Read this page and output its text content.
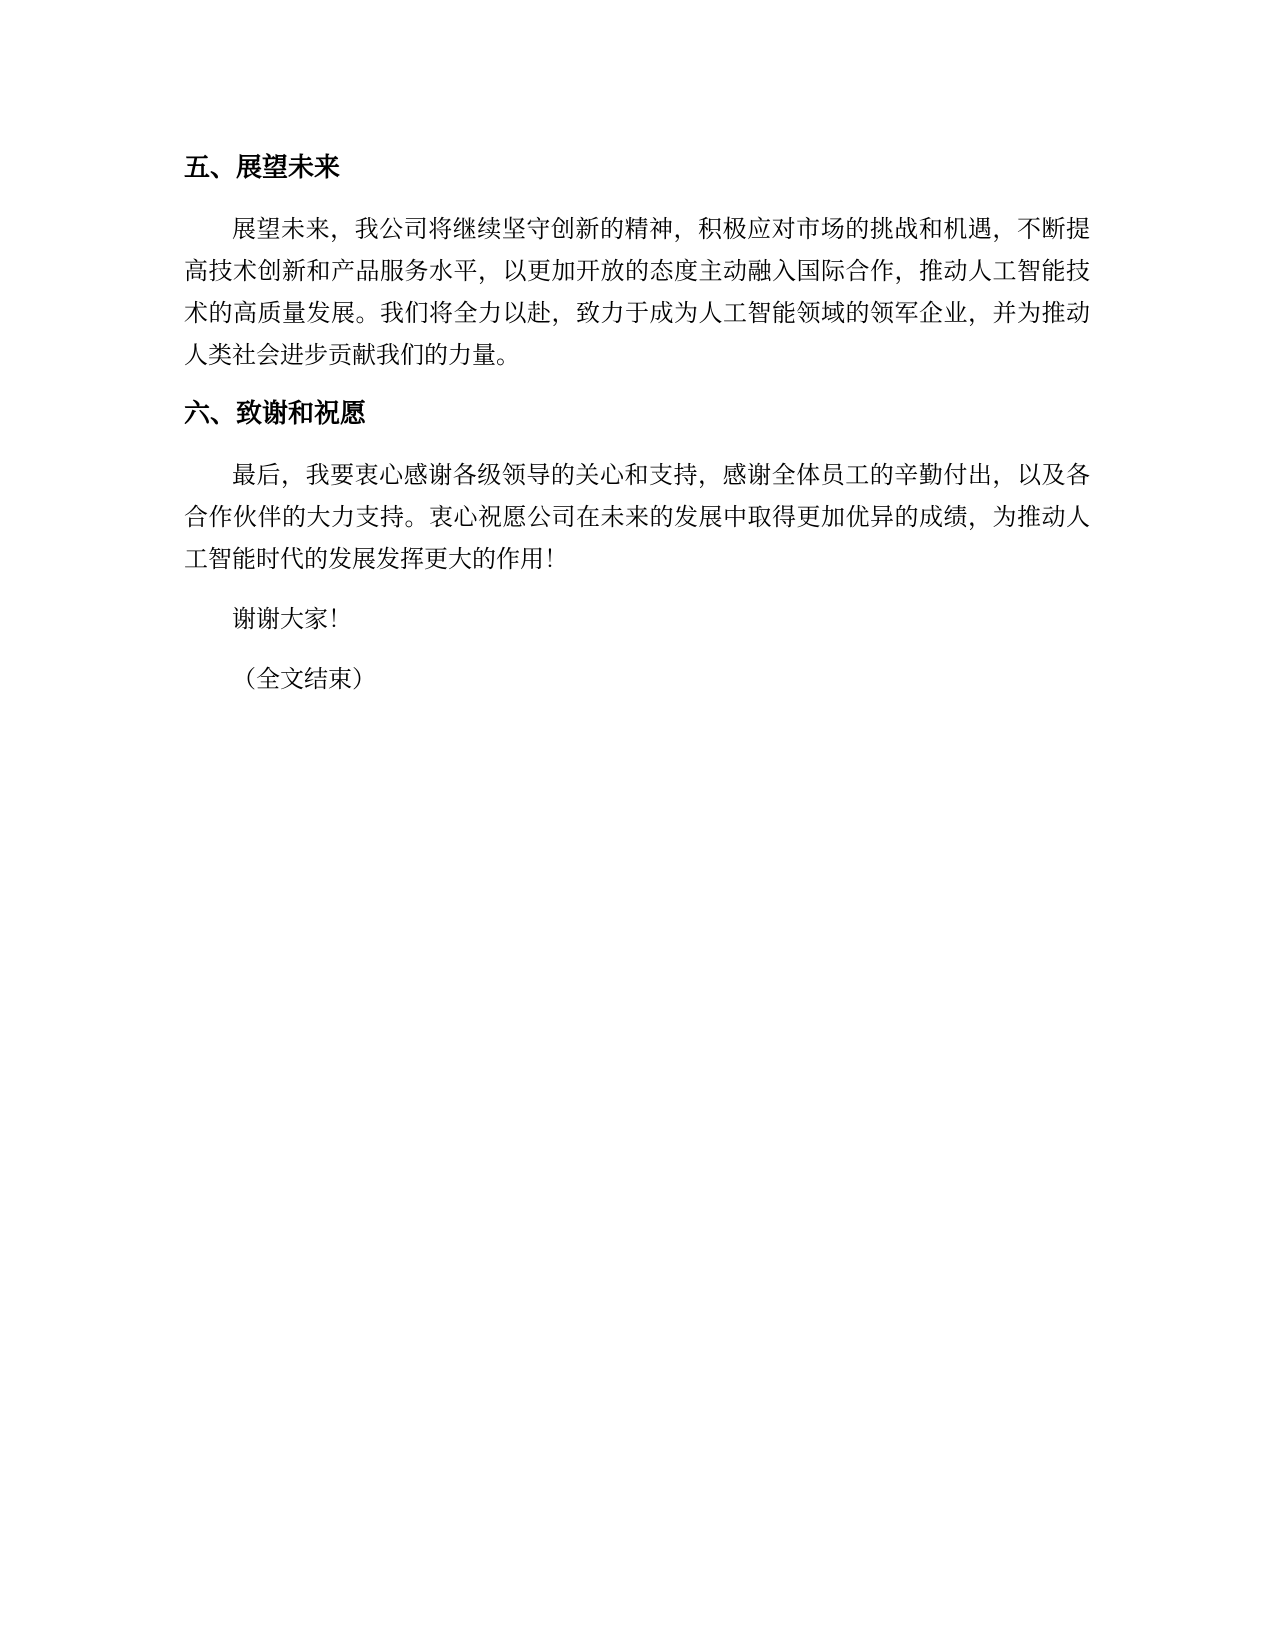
五、展望未来

展望未来，我公司将继续坚守创新的精神，积极应对市场的挑战和机遇，不断提高技术创新和产品服务水平，以更加开放的态度主动融入国际合作，推动人工智能技术的高质量发展。我们将全力以赴，致力于成为人工智能领域的领军企业，并为推动人类社会进步贡献我们的力量。

六、致谢和祝愿

最后，我要衷心感谢各级领导的关心和支持，感谢全体员工的辛勤付出，以及各合作伙伴的大力支持。衷心祝愿公司在未来的发展中取得更加优异的成绩，为推动人工智能时代的发展发挥更大的作用！

谢谢大家！

（全文结束）
